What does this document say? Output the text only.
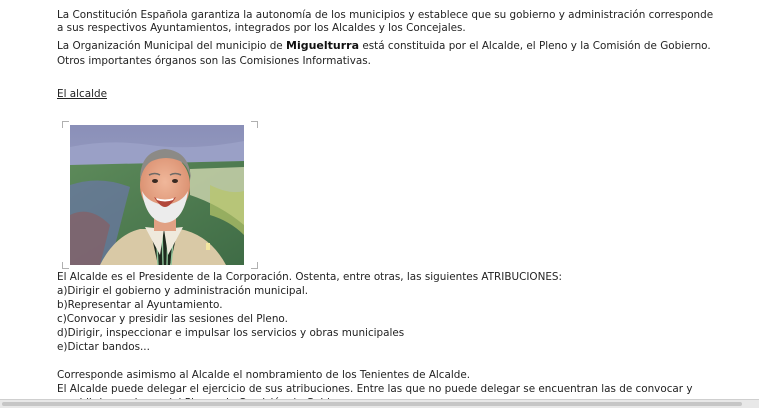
La Constitución Española garantiza la autonomía de los municipios y establece que su gobierno y administración corresponde
a sus respectivos Ayuntamientos, integrados por los Alcaldes y los Concejales.
La Organización Municipal del municipio de Miguelturra está constituida por el Alcalde, el Pleno y la Comisión de Gobierno.
Otros importantes órganos son las Comisiones Informativas.
El alcalde
El Alcalde es el Presidente de la Corporación. Ostenta, entre otras, las siguientes ATRIBUCIONES:
a)Dirigir el gobierno y administración municipal.
b)Representar al Ayuntamiento.
c)Convocar y presidir las sesiones del Pleno.
d)Dirigir, inspeccionar e impulsar los servicios y obras municipales
e)Dictar bandos...
Corresponde asimismo al Alcalde el nombramiento de los Tenientes de Alcalde.
El Alcalde puede delegar el ejercicio de sus atribuciones. Entre las que no puede delegar se encuentran las de convocar y
